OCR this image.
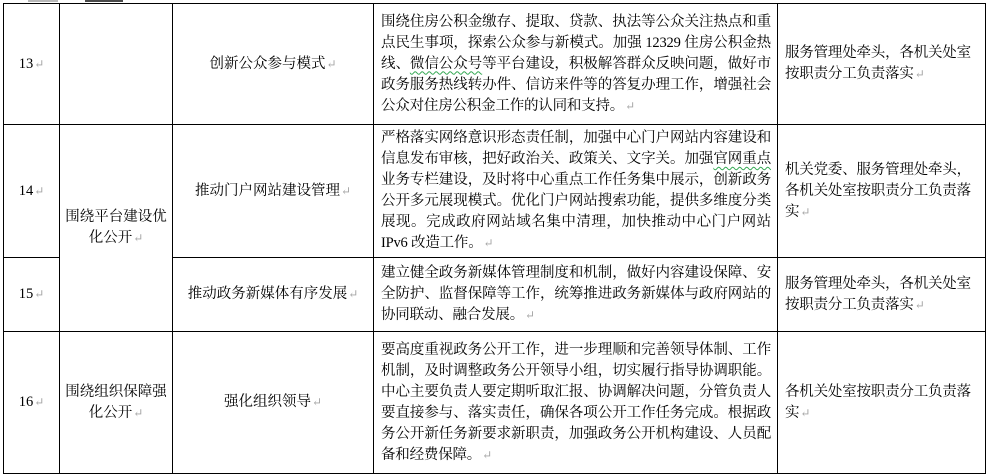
13↵		创新公众参与模式↵	围绕住房公积金缴存、提取、贷款、执法等公众关注热点和重点民生事项，探索公众参与新模式。加强 12329 住房公积金热线、微信公众号等平台建设，积极解答群众反映问题，做好市政务服务热线转办件、信访来件等的答复办理工作，增强社会公众对住房公积金工作的认同和支持。↵	服务管理处牵头，各机关处室按职责分工负责落实↵
14↵	围绕平台建设优化公开↵	推动门户网站建设管理↵	严格落实网络意识形态责任制，加强中心门户网站内容建设和信息发布审核，把好政治关、政策关、文字关。加强官网重点业务专栏建设，及时将中心重点工作任务集中展示，创新政务公开多元展现模式。优化门户网站搜索功能，提供多维度分类展现。完成政府网站域名集中清理，加快推动中心门户网站 IPv6 改造工作。↵	机关党委、服务管理处牵头，各机关处室按职责分工负责落实↵
15↵		推动政务新媒体有序发展↵	建立健全政务新媒体管理制度和机制，做好内容建设保障、安全防护、监督保障等工作，统筹推进政务新媒体与政府网站的协同联动、融合发展。↵	服务管理处牵头，各机关处室按职责分工负责落实↵
16↵	围绕组织保障强化公开↵	强化组织领导↵	要高度重视政务公开工作，进一步理顺和完善领导体制、工作机制，及时调整政务公开领导小组，切实履行指导协调职能。中心主要负责人要定期听取汇报、协调解决问题，分管负责人要直接参与、落实责任，确保各项公开工作任务完成。根据政务公开新任务新要求新职责，加强政务公开机构建设、人员配备和经费保障。↵	各机关处室按职责分工负责落实↵
